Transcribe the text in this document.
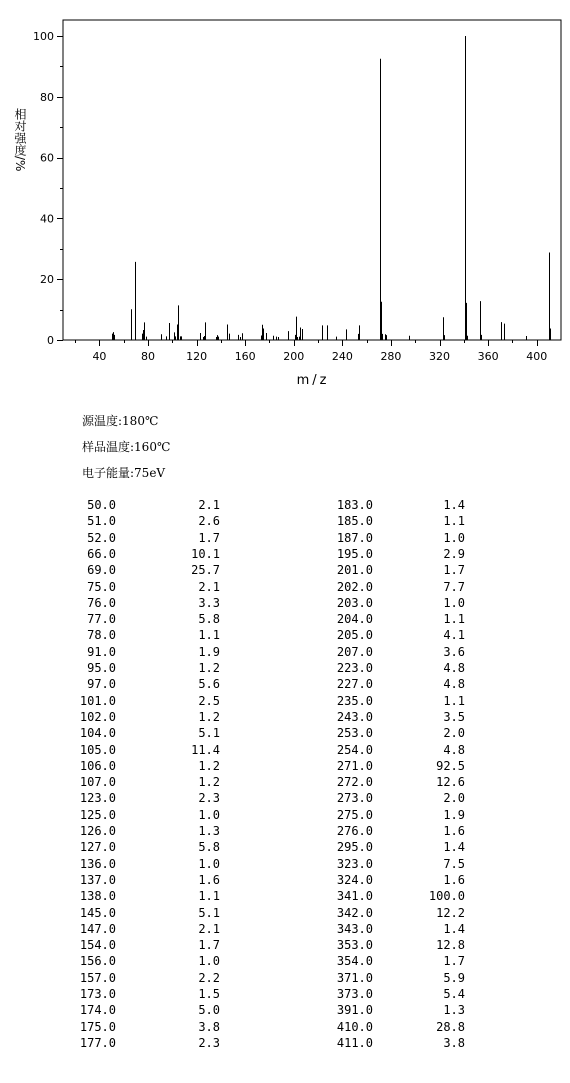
40	80	120	160	200	240	280	320	360	400
0
20
40
60
80
100
m/z
相对强度/%
源温度:180℃
样品温度:160℃
电子能量:75eV
50.0	2.1	183.0	1.4
51.0	2.6	185.0	1.1
52.0	1.7	187.0	1.0
66.0	10.1	195.0	2.9
69.0	25.7	201.0	1.7
75.0	2.1	202.0	7.7
76.0	3.3	203.0	1.0
77.0	5.8	204.0	1.1
78.0	1.1	205.0	4.1
91.0	1.9	207.0	3.6
95.0	1.2	223.0	4.8
97.0	5.6	227.0	4.8
101.0	2.5	235.0	1.1
102.0	1.2	243.0	3.5
104.0	5.1	253.0	2.0
105.0	11.4	254.0	4.8
106.0	1.2	271.0	92.5
107.0	1.2	272.0	12.6
123.0	2.3	273.0	2.0
125.0	1.0	275.0	1.9
126.0	1.3	276.0	1.6
127.0	5.8	295.0	1.4
136.0	1.0	323.0	7.5
137.0	1.6	324.0	1.6
138.0	1.1	341.0	100.0
145.0	5.1	342.0	12.2
147.0	2.1	343.0	1.4
154.0	1.7	353.0	12.8
156.0	1.0	354.0	1.7
157.0	2.2	371.0	5.9
173.0	1.5	373.0	5.4
174.0	5.0	391.0	1.3
175.0	3.8	410.0	28.8
177.0	2.3	411.0	3.8
